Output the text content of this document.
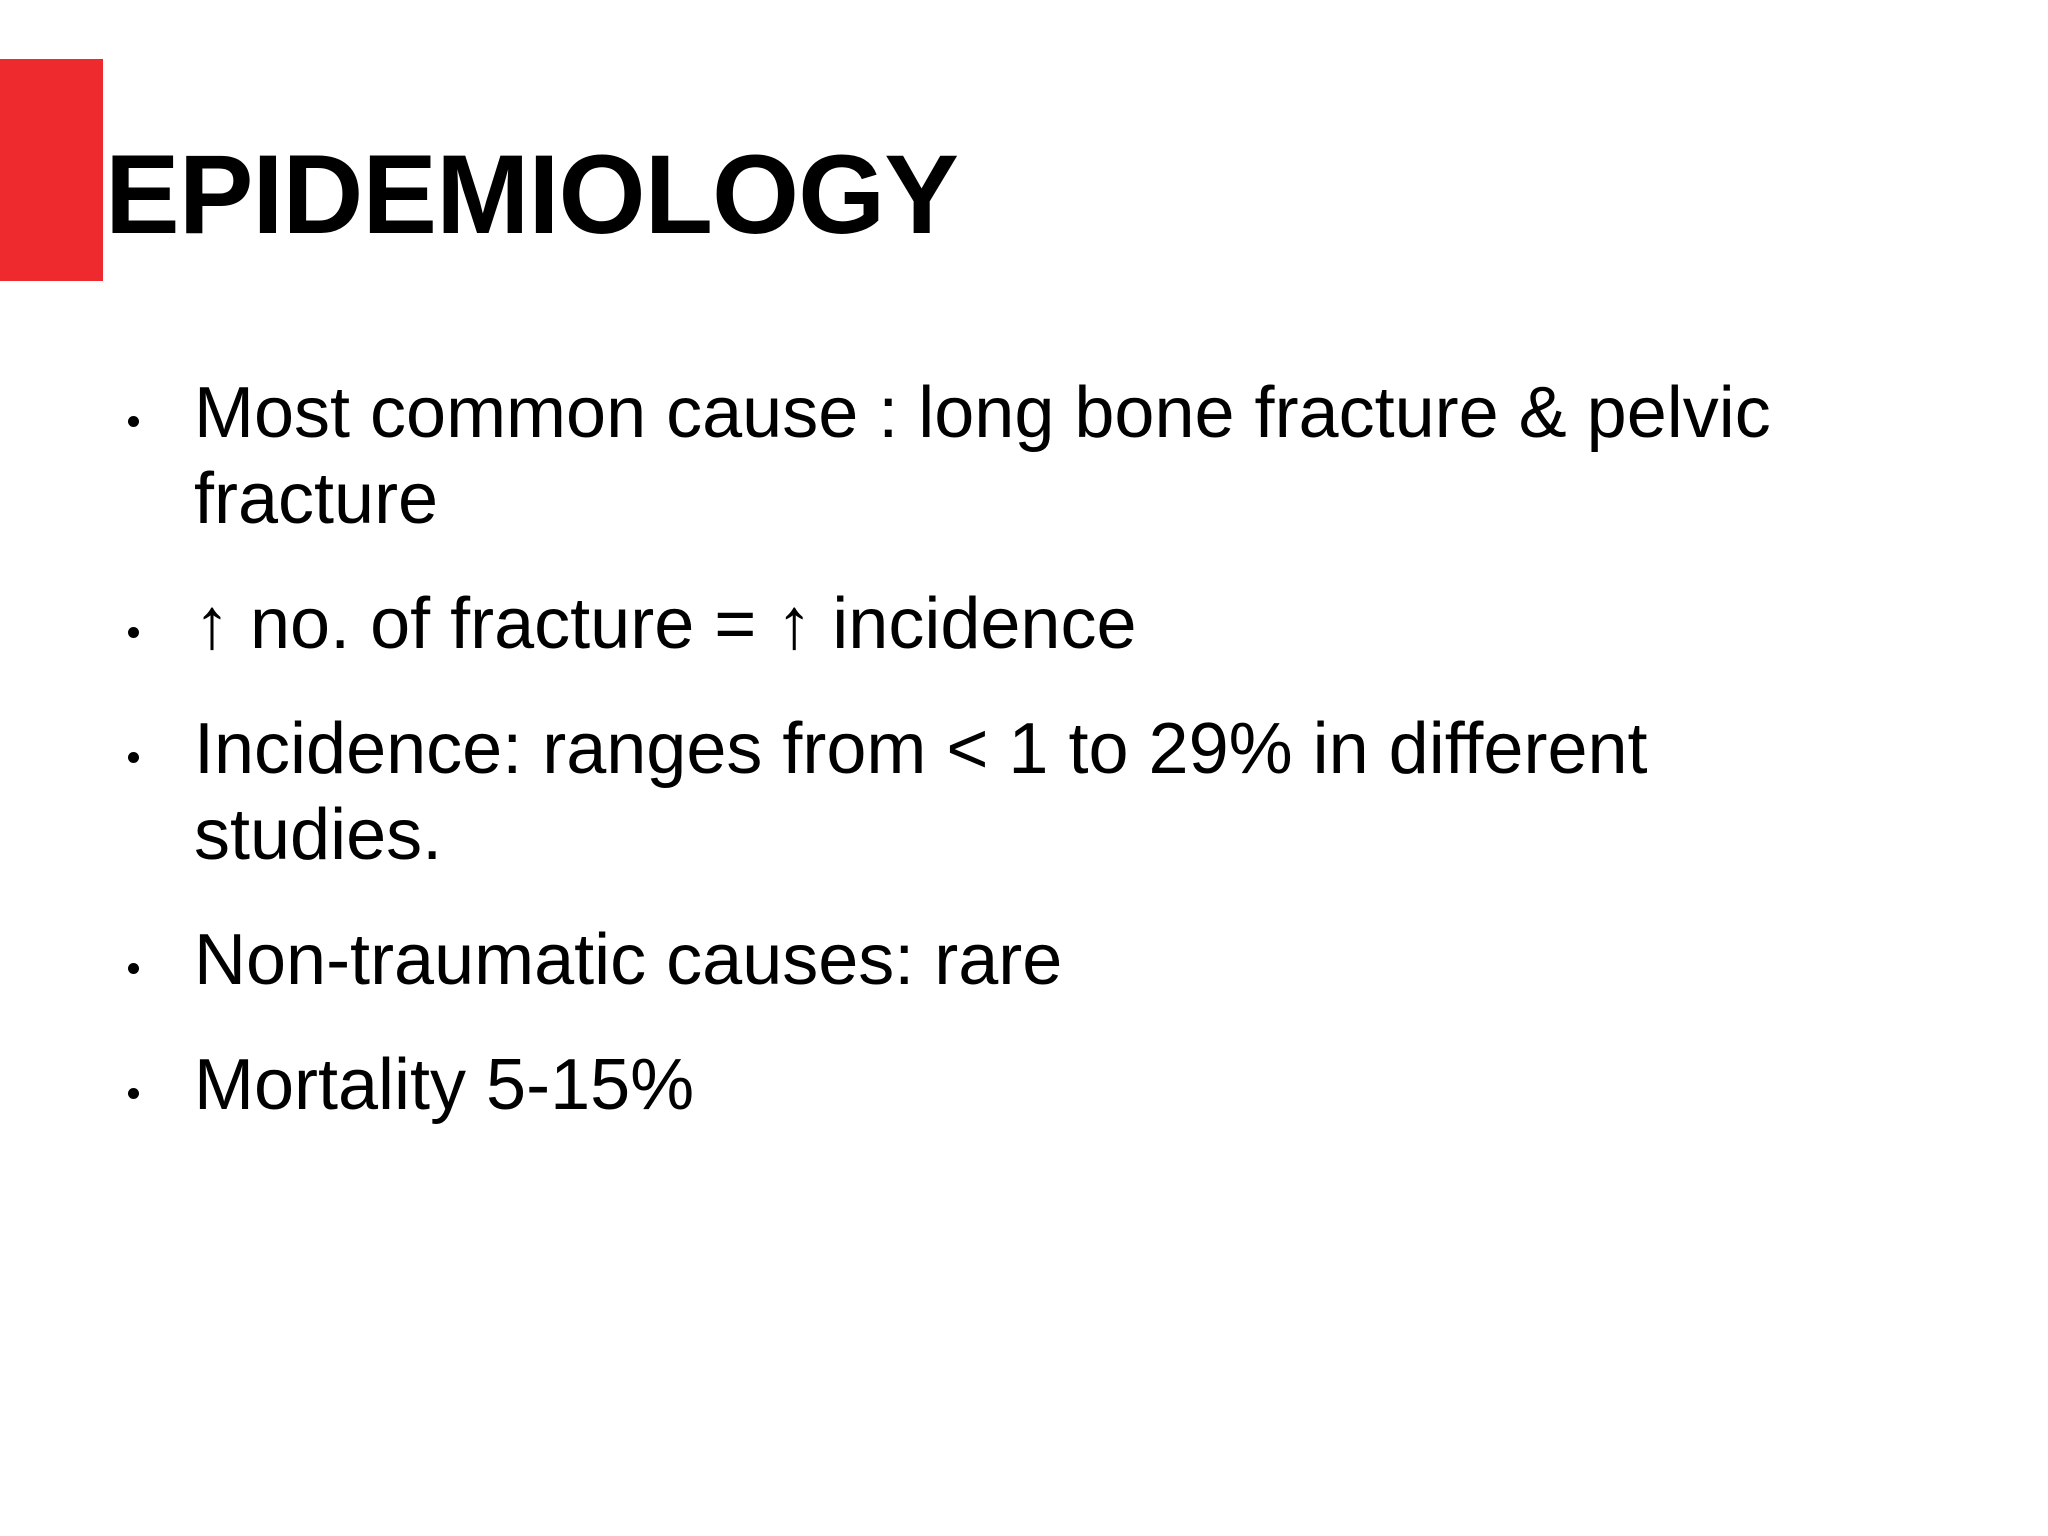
EPIDEMIOLOGY
Most common cause : long bone fracture & pelvic fracture
↑ no. of fracture = ↑ incidence
Incidence: ranges from < 1 to 29% in different studies.
Non-traumatic causes: rare
Mortality 5-15%
